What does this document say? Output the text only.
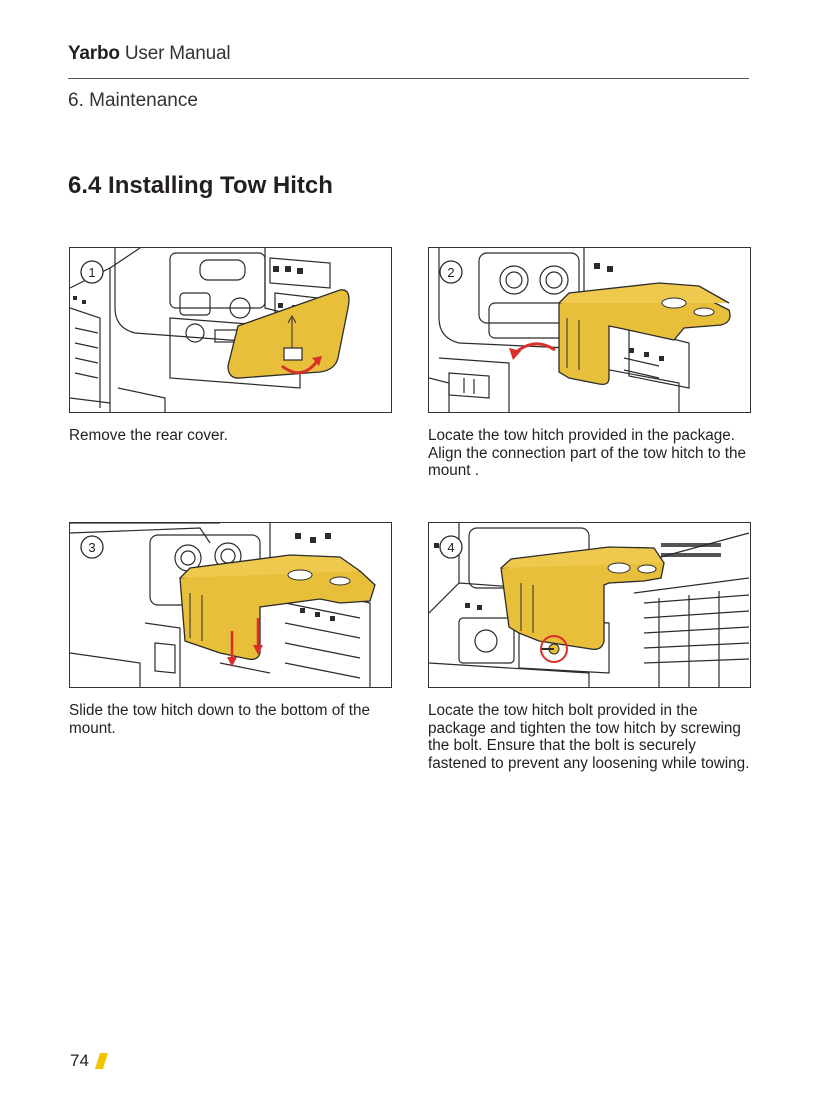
Yarbo User Manual
6. Maintenance
6.4 Installing Tow Hitch
1

Remove the rear cover.

2

Locate the tow hitch provided in the package. Align the connection part of the tow hitch to the mount .

3

Slide the tow hitch down to the bottom of the mount.

4

Locate the tow hitch bolt provided in the package and tighten the tow hitch by screwing the bolt. Ensure that the bolt is securely fastened to prevent any loosening while towing.

74
